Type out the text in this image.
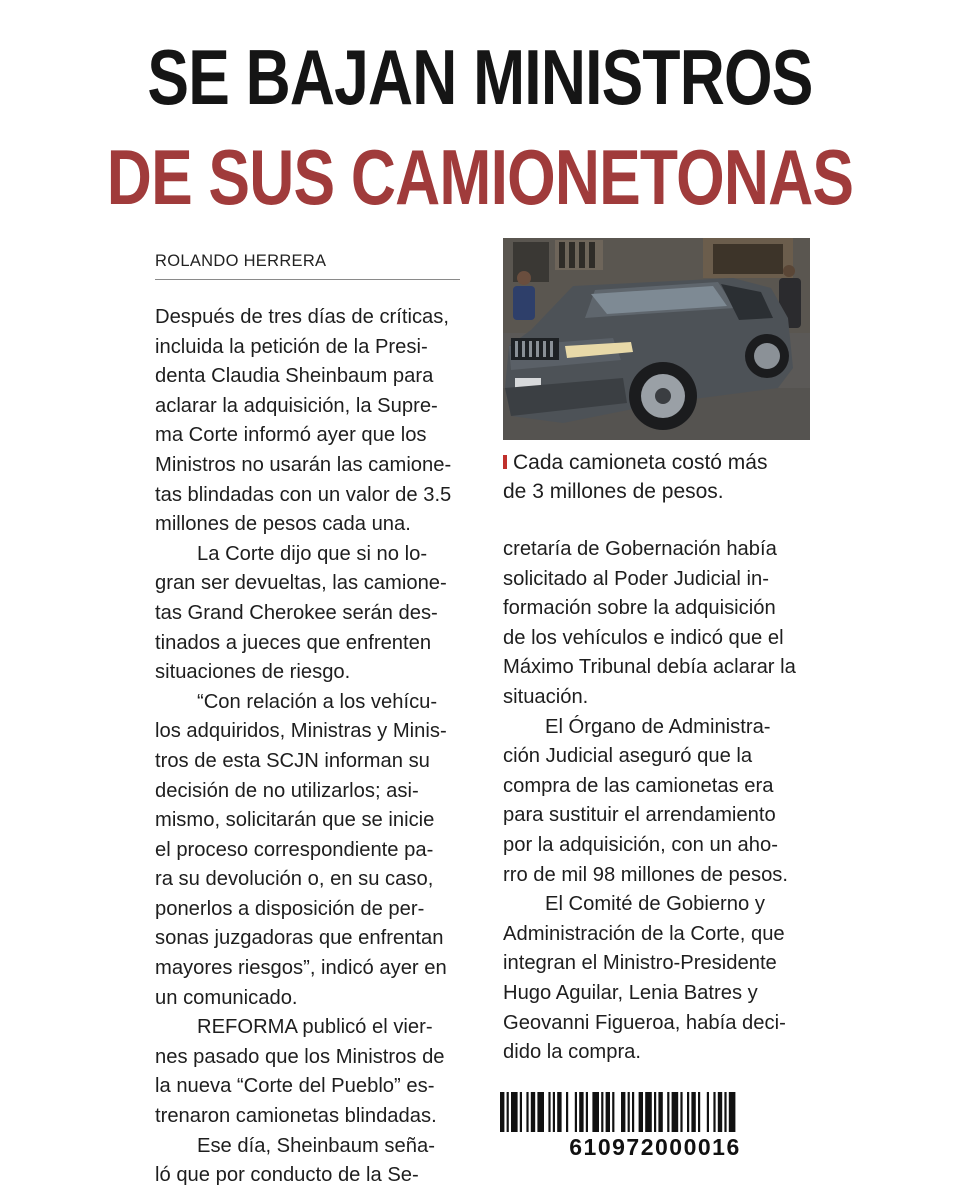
SE BAJAN MINISTROS
DE SUS CAMIONETONAS
ROLANDO HERRERA
Después de tres días de críticas,
incluida la petición de la Presi-
denta Claudia Sheinbaum para
aclarar la adquisición, la Supre-
ma Corte informó ayer que los
Ministros no usarán las camione-
tas blindadas con un valor de 3.5
millones de pesos cada una.
La Corte dijo que si no lo-
gran ser devueltas, las camione-
tas Grand Cherokee serán des-
tinados a jueces que enfrenten
situaciones de riesgo.
“Con relación a los vehícu-
los adquiridos, Ministras y Minis-
tros de esta SCJN informan su
decisión de no utilizarlos; asi-
mismo, solicitarán que se inicie
el proceso correspondiente pa-
ra su devolución o, en su caso,
ponerlos a disposición de per-
sonas juzgadoras que enfrentan
mayores riesgos”, indicó ayer en
un comunicado.
REFORMA publicó el vier-
nes pasado que los Ministros de
la nueva “Corte del Pueblo” es-
trenaron camionetas blindadas.
Ese día, Sheinbaum seña-
ló que por conducto de la Se-
Cada camioneta costó más
de 3 millones de pesos.
cretaría de Gobernación había
solicitado al Poder Judicial in-
formación sobre la adquisición
de los vehículos e indicó que el
Máximo Tribunal debía aclarar la
situación.
El Órgano de Administra-
ción Judicial aseguró que la
compra de las camionetas era
para sustituir el arrendamiento
por la adquisición, con un aho-
rro de mil 98 millones de pesos.
El Comité de Gobierno y
Administración de la Corte, que
integran el Ministro-Presidente
Hugo Aguilar, Lenia Batres y
Geovanni Figueroa, había deci-
dido la compra.
610972000016
